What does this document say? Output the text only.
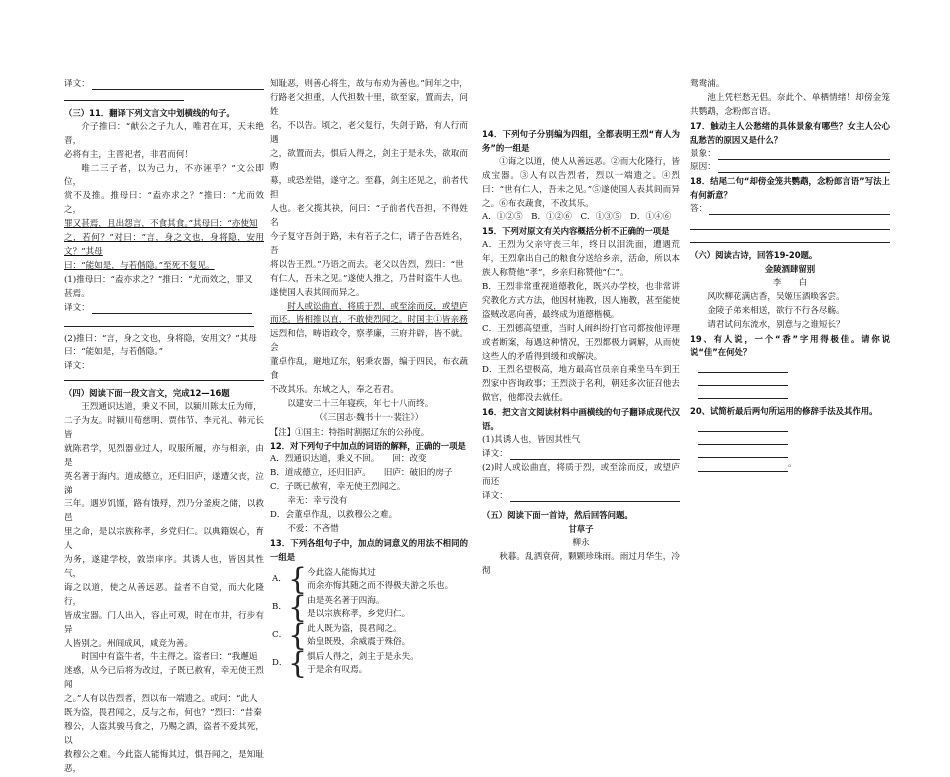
译文：

（三）11．翻译下列文言文中划横线的句子。

介子推曰：“献公之子九人，唯君在耳，天未绝晋，

必将有主，主晋祀者，非君而何！

唯二三子者，以为己力，不亦诬乎？”文公即位，

赏不及推。推母曰：“盍亦求之？”推曰：“尤而效之，

罪又甚焉，且出怨言，不食其食。”其母曰：“亦使知

之，若何？”对曰：“言，身之文也，身将隐，安用文？”其母

曰：“能如是，与若偕隐。”至死不复见。

(1)推母曰：“盍亦求之？”推曰：“尤而效之，罪又

甚焉。

译文：

(2)推曰：“言，身之文也，身将隐，安用文？”其母

曰：“能如是，与若偕隐。”

译文：

（四）阅读下面一段文言文，完成12—16题

王烈通识达道，秉义不回，以颍川陈太丘为师，

二子为友。时颍川荀慈明、贾伟节、李元礼、韩元长皆

就陈君学，见烈器业过人，叹服所履，亦与相亲，由是

英名著于海内。道成德立，还归旧庐，遂遭父丧，泣涕

三年。遇岁饥馑，路有饿殍，烈乃分釜庾之储，以救邑

里之命，是以宗族称孝，乡党归仁。以典籍娱心，育人

为务，遂建学校，敦崇庠序。其诱人也，皆因其性气，

诲之以道，使之从善远恶。益者不自觉，而大化隆行，

皆成宝器。门人出入，容止可观，时在市井，行步有异

人皆别之。州闾成风，咸竞为善。

时国中有盗牛者，牛主得之。盗者曰：“我邂逅

迷惑，从今已后将为改过，子既已赦宥，幸无使王烈闻

之。”人有以告烈者，烈以布一端遗之。或问：“此人

既为盗，畏君闻之，反与之布，何也？”烈曰：“昔秦

穆公，人盗其骏马食之，乃赐之酒，盗者不爱其死，以

救穆公之难。今此盗人能悔其过，惧吾闻之，是知耻恶，

知耻恶，则善心将生，故与布劝为善也。”间年之中，

行路老父担重，人代担数十里，欲至家，置而去，问姓

名，不以告。顷之，老父复行，失剑于路，有人行而遇

之，欲置而去，惧后人得之，剑主于是永失，欲取而购

募，或恐差错，遂守之。至暮，剑主还见之，前者代担

人也。老父揽其袂，问曰：“子前者代吾担，不得姓名

今子复守吾剑于路，未有若子之仁，请子告吾姓名，吾

将以告王烈。”乃语之而去。老父以告烈，烈曰：“世

有仁人，吾未之见。”遂使人推之，乃昔时盗牛人也。

遂使国人表其闾而异之。

时人或讼曲直，将质于烈，或至涂而反，或望庐

而还。皆相推以直，不敢使烈闻之。时国主①皆亲務

远烈和信，畴诣政令，察孝廉，三府并辟，皆不就。会

董卓作乱，避地辽东，躬秉农器，编于四民，布衣蔬食

不改其乐。东域之人，奉之若君。

以建安二十三年寝疾，年七十八而终。

（《三国志·魏书十一·裴注》）

【注】①国主：特指时割据辽东的公孙度。

12．对下列句子中加点的词语的解释，正确的一项是

A．烈通识达道，秉义不回。　　回：改变

B．道成德立，还归旧庐。　　旧庐：破旧的房子

C．子既已赦宥，幸无使王烈闻之。

　　幸无：幸亏没有

D．会董卓作乱，以救穆公之难。

　　不爱：不吝惜

13．下列各组句子中，加点的词意义的用法不相同的一组是

A．	{	今此盗人能悔其过
而余亦悔其随之而不得极夫游之乐也。
B．	{	由是英名著于四海。
是以宗族称孝，乡党归仁。
C．	{	此人既为盗，畏君闻之。
始皇既殁，余威震于殊俗。
D．	{	惧后人得之，剑主于是永失。
于是余有叹焉。

14．下列句子分别编为四组，全都表明王烈“育人为务”的一组是

①诲之以道，使人从善远恶。②而大化隆行，皆成宝器。③人有以告烈者，烈以一端遗之。④烈曰：“世有仁人，吾未之见。”⑤遂使国人表其闾而异之。⑥布衣蔬食，不改其乐。

A．①②⑤　B．①②⑥　C．①③⑤　D．①④⑥

15．下列对原文有关内容概括分析不正确的一项是

A．王烈为父亲守丧三年，终日以泪洗面，遭遇荒年，王烈拿出自己的粮食分送给乡亲，活命，所以本族人称赞他“孝”，乡亲归称赞他“仁”。

B．王烈非常重视道德教化，既兴办学校，也非常讲究教化方式方法，他因材施教，因人施教，甚至能使盗贼改恶向善，最终成为道德楷模。

C．王烈德高望重，当时人闹纠纷打官司都按他评理或者断案，每遇这种情况，王烈都极力调解，从而使这些人的矛盾得到缓和或解决。

D．王烈名望极高，地方最高官员亲自乘坐马车到王烈家中咨询政事；王烈淡于名利，朝廷多次征召他去做官，他都没去就任。

16．把文言文阅读材料中画横线的句子翻译成现代汉语。

(1)其诱人也，皆因其性气

译文：

(2)时人或讼曲直，将质于烈，或至涂而反，或望庐而还

译文：

（五）阅读下面一首诗，然后回答问题。

甘草子

柳永

秋暮。乱洒衰荷，颗颗珍珠雨。雨过月华生，冷彻

鸳鸯浦。

池上凭栏愁无侣。奈此个、单栖情绪！却傍金笼共鹦鹉，念粉郎言语。

17．触动主人公愁绪的具体景象有哪些？女主人公心乱愁苦的原因又是什么？

景象：
原因：

18．结尾二句“却傍金笼共鹦鹉，念粉郎言语”写法上有何新意？

答：

（六）阅读古诗，回答19-20题。

金陵酒肆留别

李　　白

风吹柳花满店香，吴姬压酒唤客尝。

金陵子弟来相送，欲行不行各尽觞。

请君试问东流水，别意与之谁短长？

19、有人说，一个“香”字用得极佳。请你说说“佳”在何处？

20、试简析最后两句所运用的修辞手法及其作用。

。
